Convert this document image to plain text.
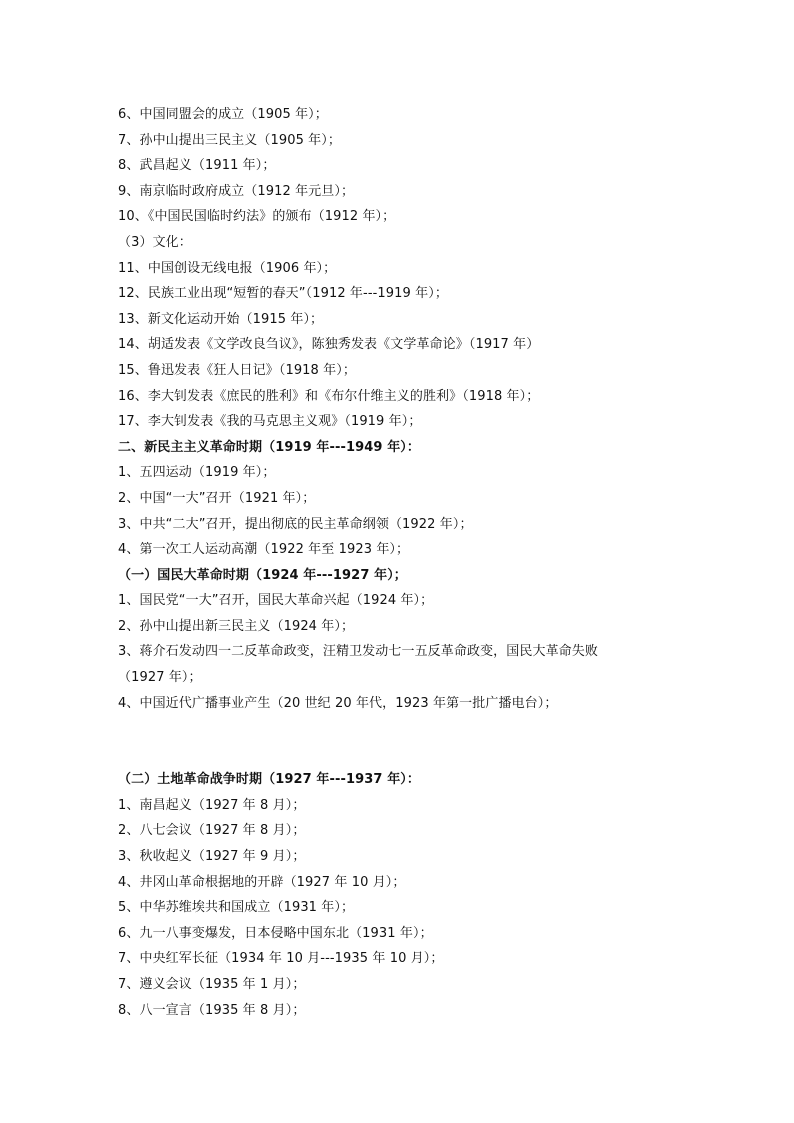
6、中国同盟会的成立（1905 年）；
7、孙中山提出三民主义（1905 年）；
8、武昌起义（1911 年）；
9、南京临时政府成立（1912 年元旦）；
10、《中国民国临时约法》的颁布（1912 年）；
（3）文化：
11、中国创设无线电报（1906 年）；
12、民族工业出现“短暂的春天”（1912 年---1919 年）；
13、新文化运动开始（1915 年）；
14、胡适发表《文学改良刍议》，陈独秀发表《文学革命论》（1917 年）
15、鲁迅发表《狂人日记》（1918 年）；
16、李大钊发表《庶民的胜利》和《布尔什维主义的胜利》（1918 年）；
17、李大钊发表《我的马克思主义观》（1919 年）；
二、新民主主义革命时期（1919 年---1949 年）：
1、五四运动（1919 年）；
2、中国“一大”召开（1921 年）；
3、中共“二大”召开，提出彻底的民主革命纲领（1922 年）；
4、第一次工人运动高潮（1922 年至 1923 年）；
（一）国民大革命时期（1924 年---1927 年）；
1、国民党“一大”召开，国民大革命兴起（1924 年）；
2、孙中山提出新三民主义（1924 年）；
3、蒋介石发动四一二反革命政变，汪精卫发动七一五反革命政变，国民大革命失败
（1927 年）；
4、中国近代广播事业产生（20 世纪 20 年代，1923 年第一批广播电台）；
（二）土地革命战争时期（1927 年---1937 年）：
1、南昌起义（1927 年 8 月）；
2、八七会议（1927 年 8 月）；
3、秋收起义（1927 年 9 月）；
4、井冈山革命根据地的开辟（1927 年 10 月）；
5、中华苏维埃共和国成立（1931 年）；
6、九一八事变爆发，日本侵略中国东北（1931 年）；
7、中央红军长征（1934 年 10 月---1935 年 10 月）；
7、遵义会议（1935 年 1 月）；
8、八一宣言（1935 年 8 月）；
